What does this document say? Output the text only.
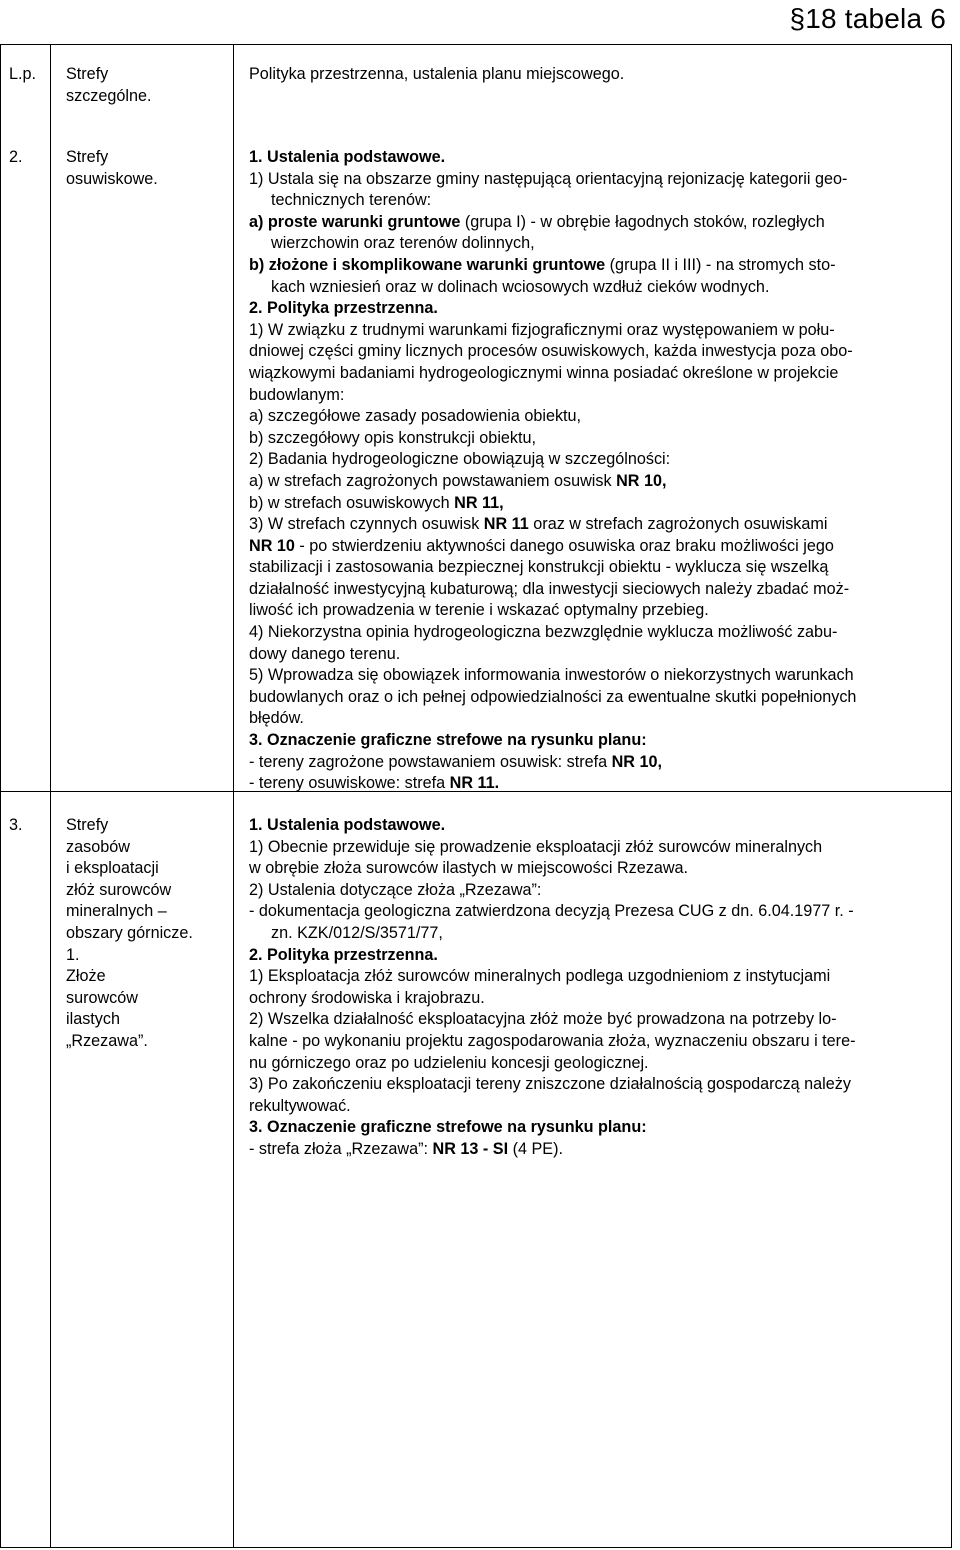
§18 tabela 6
L.p. Strefy
szczególne.
Polityka przestrzenna, ustalenia planu miejscowego.
2.	Strefy
osuwiskowe.

1. Ustalenia podstawowe.

1) Ustala się na obszarze gminy następującą orientacyjną rejonizację kategorii geo-

technicznych terenów:

a) proste warunki gruntowe (grupa I) - w obrębie łagodnych stoków, rozległych

wierzchowin oraz terenów dolinnych,

b) złożone i skomplikowane warunki gruntowe (grupa II i III) - na stromych sto-

kach wzniesień oraz w dolinach wciosowych wzdłuż cieków wodnych.

2. Polityka przestrzenna.

1) W związku z trudnymi warunkami fizjograficznymi oraz występowaniem w połu-

dniowej części gminy licznych procesów osuwiskowych, każda inwestycja poza obo-

wiązkowymi badaniami hydrogeologicznymi winna posiadać określone w projekcie

budowlanym:

a) szczegółowe zasady posadowienia obiektu,

b) szczegółowy opis konstrukcji obiektu,

2) Badania hydrogeologiczne obowiązują w szczególności:

a) w strefach zagrożonych powstawaniem osuwisk NR 10,

b) w strefach osuwiskowych NR 11,

3) W strefach czynnych osuwisk NR 11 oraz w strefach zagrożonych osuwiskami

NR 10 - po stwierdzeniu aktywności danego osuwiska oraz braku możliwości jego

stabilizacji i zastosowania bezpiecznej konstrukcji obiektu - wyklucza się wszelką

działalność inwestycyjną kubaturową; dla inwestycji sieciowych należy zbadać moż-

liwość ich prowadzenia w terenie i wskazać optymalny przebieg.

4) Niekorzystna opinia hydrogeologiczna bezwzględnie wyklucza możliwość zabu-

dowy danego terenu.

5) Wprowadza się obowiązek informowania inwestorów o niekorzystnych warunkach

budowlanych oraz o ich pełnej odpowiedzialności za ewentualne skutki popełnionych

błędów.

3. Oznaczenie graficzne strefowe na rysunku planu:

- tereny zagrożone powstawaniem osuwisk: strefa NR 10,

- tereny osuwiskowe: strefa NR 11.

3.	Strefy
zasobów
i eksploatacji
złóż surowców
mineralnych –
obszary górnicze.
1.
Złoże
surowców
ilastych
„Rzezawa”.

1. Ustalenia podstawowe.

1) Obecnie przewiduje się prowadzenie eksploatacji złóż surowców mineralnych

w obrębie złoża surowców ilastych w miejscowości Rzezawa.

2) Ustalenia dotyczące złoża „Rzezawa”:

- dokumentacja geologiczna zatwierdzona decyzją Prezesa CUG z dn. 6.04.1977 r. -

zn. KZK/012/S/3571/77,

2. Polityka przestrzenna.

1) Eksploatacja złóż surowców mineralnych podlega uzgodnieniom z instytucjami

ochrony środowiska i krajobrazu.

2) Wszelka działalność eksploatacyjna złóż może być prowadzona na potrzeby lo-

kalne - po wykonaniu projektu zagospodarowania złoża, wyznaczeniu obszaru i tere-

nu górniczego oraz po udzieleniu koncesji geologicznej.

3) Po zakończeniu eksploatacji tereny zniszczone działalnością gospodarczą należy

rekultywować.

3. Oznaczenie graficzne strefowe na rysunku planu:

- strefa złoża „Rzezawa”: NR 13 - SI (4 PE).
